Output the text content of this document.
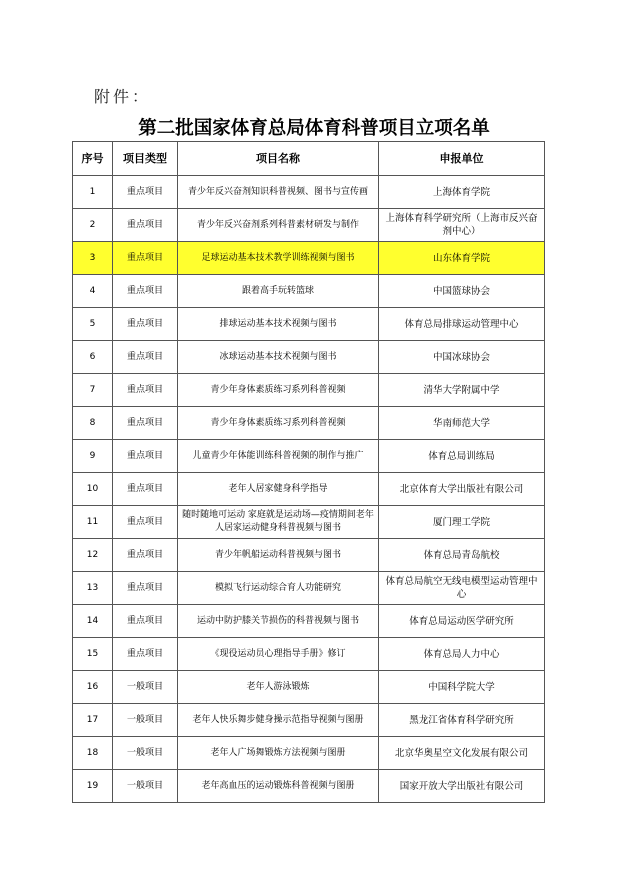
附件：
第二批国家体育总局体育科普项目立项名单
序号	项目类型	项目名称	申报单位
1	重点项目	青少年反兴奋剂知识科普视频、图书与宣传画	上海体育学院
2	重点项目	青少年反兴奋剂系列科普素材研发与制作	上海体育科学研究所（上海市反兴奋剂中心）
3	重点项目	足球运动基本技术教学训练视频与图书	山东体育学院
4	重点项目	跟着高手玩转篮球	中国篮球协会
5	重点项目	排球运动基本技术视频与图书	体育总局排球运动管理中心
6	重点项目	冰球运动基本技术视频与图书	中国冰球协会
7	重点项目	青少年身体素质练习系列科普视频	清华大学附属中学
8	重点项目	青少年身体素质练习系列科普视频	华南师范大学
9	重点项目	儿童青少年体能训练科普视频的制作与推广	体育总局训练局
10	重点项目	老年人居家健身科学指导	北京体育大学出版社有限公司
11	重点项目	随时随地可运动 家庭就是运动场—疫情期间老年人居家运动健身科普视频与图书	厦门理工学院
12	重点项目	青少年帆船运动科普视频与图书	体育总局青岛航校
13	重点项目	模拟飞行运动综合育人功能研究	体育总局航空无线电模型运动管理中心
14	重点项目	运动中防护膝关节损伤的科普视频与图书	体育总局运动医学研究所
15	重点项目	《现役运动员心理指导手册》修订	体育总局人力中心
16	一般项目	老年人游泳锻炼	中国科学院大学
17	一般项目	老年人快乐舞步健身操示范指导视频与图册	黑龙江省体育科学研究所
18	一般项目	老年人广场舞锻炼方法视频与图册	北京华奥星空文化发展有限公司
19	一般项目	老年高血压的运动锻炼科普视频与图册	国家开放大学出版社有限公司
